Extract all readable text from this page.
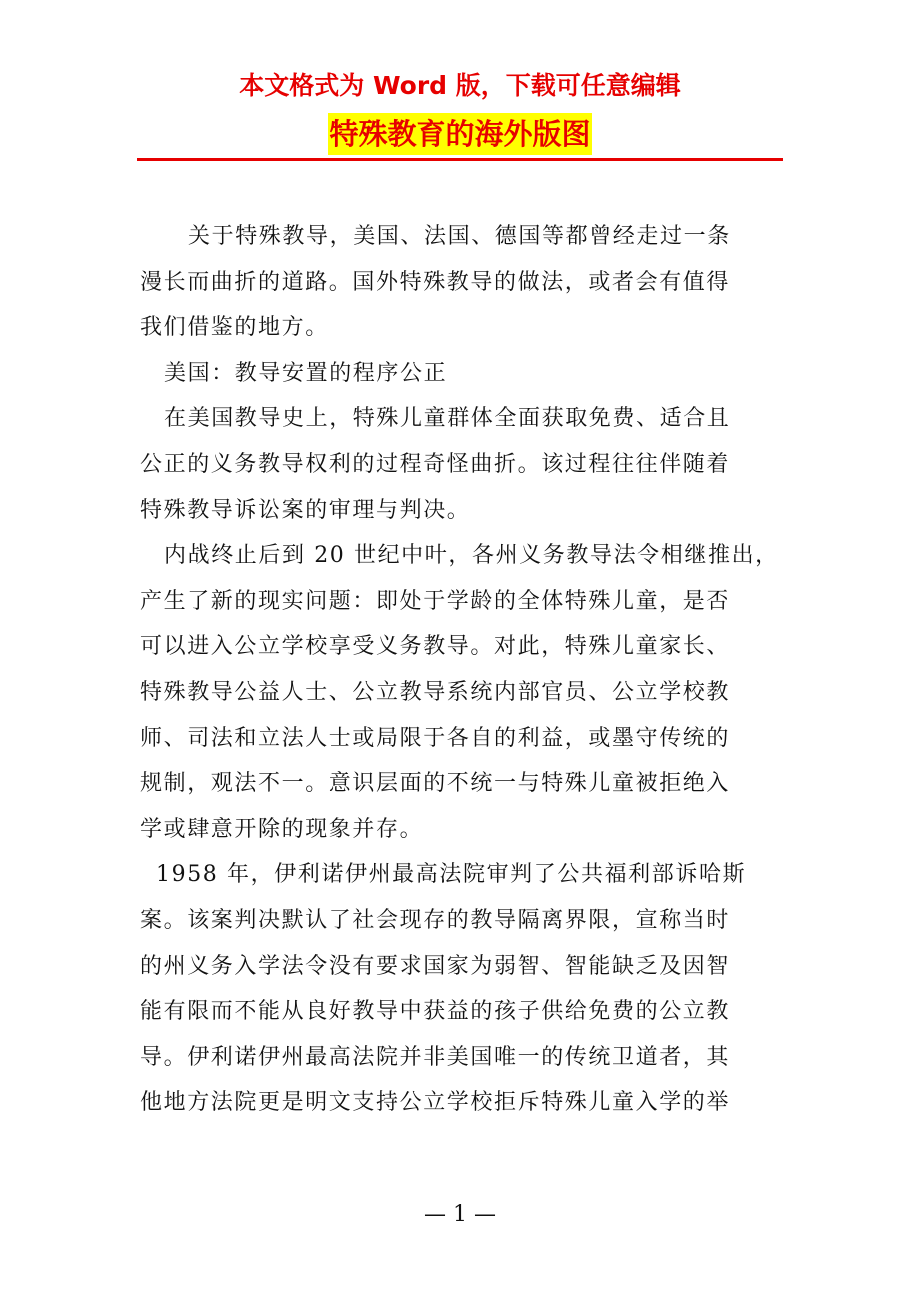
本文格式为 Word 版，下载可任意编辑
特殊教育的海外版图

关于特殊教导，美国、法国、德国等都曾经走过一条
漫长而曲折的道路。国外特殊教导的做法，或者会有值得
我们借鉴的地方。

美国：教导安置的程序公正

在美国教导史上，特殊儿童群体全面获取免费、适合且
公正的义务教导权利的过程奇怪曲折。该过程往往伴随着
特殊教导诉讼案的审理与判决。

内战终止后到 20 世纪中叶，各州义务教导法令相继推出，
产生了新的现实问题：即处于学龄的全体特殊儿童，是否
可以进入公立学校享受义务教导。对此，特殊儿童家长、
特殊教导公益人士、公立教导系统内部官员、公立学校教
师、司法和立法人士或局限于各自的利益，或墨守传统的
规制，观法不一。意识层面的不统一与特殊儿童被拒绝入
学或肆意开除的现象并存。

1958 年，伊利诺伊州最高法院审判了公共福利部诉哈斯
案。该案判决默认了社会现存的教导隔离界限，宣称当时
的州义务入学法令没有要求国家为弱智、智能缺乏及因智
能有限而不能从良好教导中获益的孩子供给免费的公立教
导。伊利诺伊州最高法院并非美国唯一的传统卫道者，其
他地方法院更是明文支持公立学校拒斥特殊儿童入学的举

— 1 —
